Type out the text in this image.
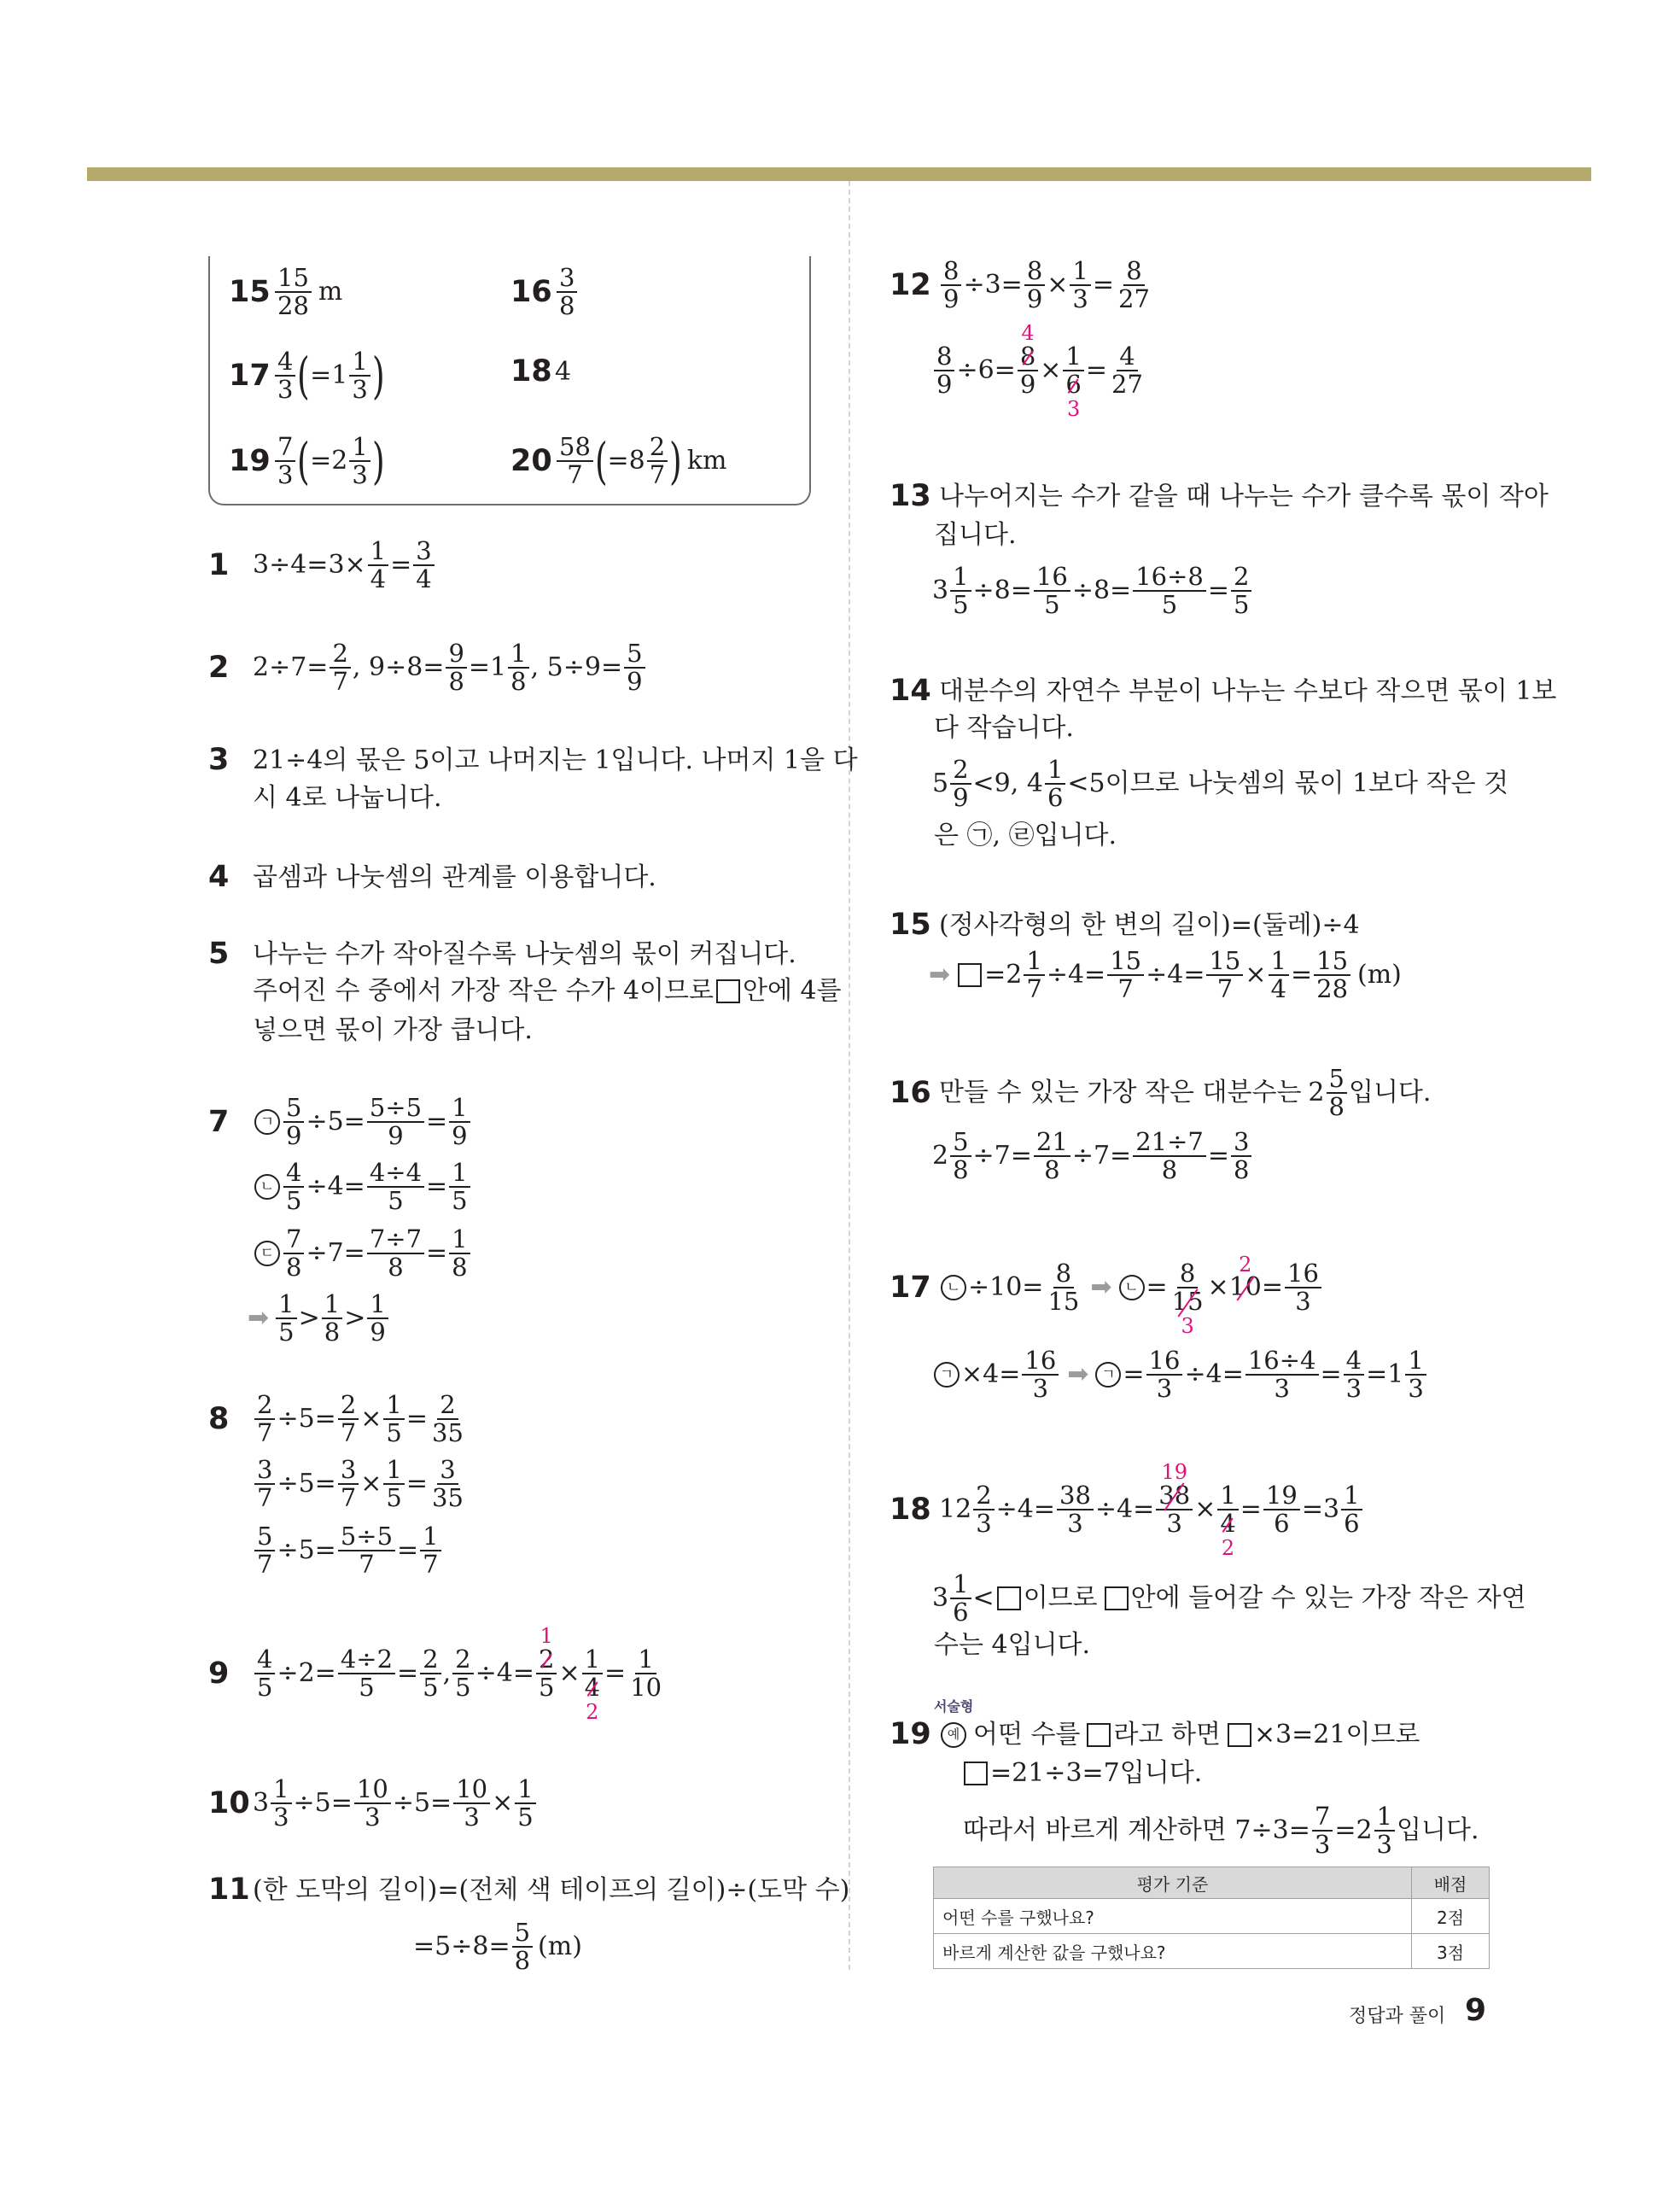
$15 \frac{15}{28}$ m	$16 \frac{3}{8}$
$17 \frac{4}{3}$ ( $=1 \frac{1}{3}$ )	18 4
$19 \frac{7}{3}$ ( $=2 \frac{1}{3}$ )	$20 \frac{58}{7}$ ( $=8 \frac{2}{7}$ ) km
1 $3\div 4=3\times \frac{1}{4} = \frac{3}{4}$
2 $2\div 7= \frac{2}{7}$ , $9\div 8= \frac{9}{8} =1 \frac{1}{8}$ , $5\div 9= \frac{5}{9}$
3 21÷4의 몫은 5이고 나머지는 1입니다. 나머지 1을 다
시 4로 나눕니다.
4 곱셈과 나눗셈의 관계를 이용합니다.
5 나누는 수가 작아질수록 나눗셈의 몫이 커집니다.
주어진 수 중에서 가장 작은 수가 4이므로 안에 4를
넣으면 몫이 가장 큽니다.
7	ㄱ $\frac{5}{9} \div 5= \frac{5\div 5}{9} = \frac{1}{9}$
ㄴ $\frac{4}{5} \div 4= \frac{4\div 4}{5} = \frac{1}{5}$
ㄷ $\frac{7}{8} \div 7= \frac{7\div 7}{8} = \frac{1}{8}$
➡ $\frac{1}{5} > \frac{1}{8} > \frac{1}{9}$
8	$\frac{2}{7} \div 5= \frac{2}{7} \times \frac{1}{5} = \frac{2}{35}$
$\frac{3}{7} \div 5= \frac{3}{7} \times \frac{1}{5} = \frac{3}{35}$
$\frac{5}{7} \div 5= \frac{5\div 5}{7} = \frac{1}{7}$
9	$\frac{4}{5} \div 2= \frac{4\div 2}{5} = \frac{2}{5}$ , $\frac{2}{5} \div 4= 2$
1
5 × 1
4
$2 = \frac{1}{10}$
10 $3 \frac{1}{3} \div 5= \frac{10}{3} \div 5= \frac{10}{3} \times \frac{1}{5}$
11 (한 도막의 길이)=(전체 색 테이프의 길이)÷(도막 수)
$=5\div 8= \frac{5}{8} (m)$
$12 \frac{8}{9} \div 3= \frac{8}{9} \times \frac{1}{3} = \frac{8}{27}$
$\frac{8}{9} \div 6= 8$
4
9 × 1
6
$3 = \frac{4}{27}$
13 나누어지는 수가 같을 때 나누는 수가 클수록 몫이 작아
집니다.
$3 \frac{1}{5} \div 8= \frac{16}{5} \div 8= \frac{16\div 8}{5} = \frac{2}{5}$
14 대분수의 자연수 부분이 나누는 수보다 작으면 몫이 1보
다 작습니다.
$5 \frac{2}{9} <9$, $4 \frac{1}{6} <5$이므로 나눗셈의 몫이 1보다 작은 것
은 ㉠, ㉣입니다.
15 (정사각형의 한 변의 길이)=(둘레)÷4
➡ $=2 \frac{1}{7} \div 4= \frac{15}{7} \div 4= \frac{15}{7} \times \frac{1}{4} = \frac{15}{28} (m)$
16 만들 수 있는 가장 작은 대분수는 $2 \frac{5}{8}$ 입니다.
$2 \frac{5}{8} \div 7= \frac{21}{8} \div 7= \frac{21\div 7}{8} = \frac{3}{8}$
17	ㄴ $\div 10= \frac{8}{15}$ ➡ ㄴ = 8
15
3 × 10
2
= $\frac{16}{3}$
ㄱ $\times 4= \frac{16}{3}$ ➡ ㄱ = $\frac{16}{3} \div 4= \frac{16\div 4}{3} = \frac{4}{3} =1 \frac{1}{3}$
18 $12 \frac{2}{3} \div 4= \frac{38}{3} \div 4= 38$
19
3 × 1
4
$2 = \frac{19}{6} =3 \frac{1}{6}$
$3 \frac{1}{6}$ < 이므로 안에 들어갈 수 있는 가장 작은 자연
수는 4입니다.
서술형
19	예 어떤 수를 라고 하면 ×3=21이므로
=21÷3=7입니다.
따라서 바르게 계산하면 $7\div 3= \frac{7}{3} =2 \frac{1}{3}$ 입니다.
평가 기준	배점
어떤 수를 구했나요?	2점
바르게 계산한 값을 구했나요?	3점
정답과 풀이 9
